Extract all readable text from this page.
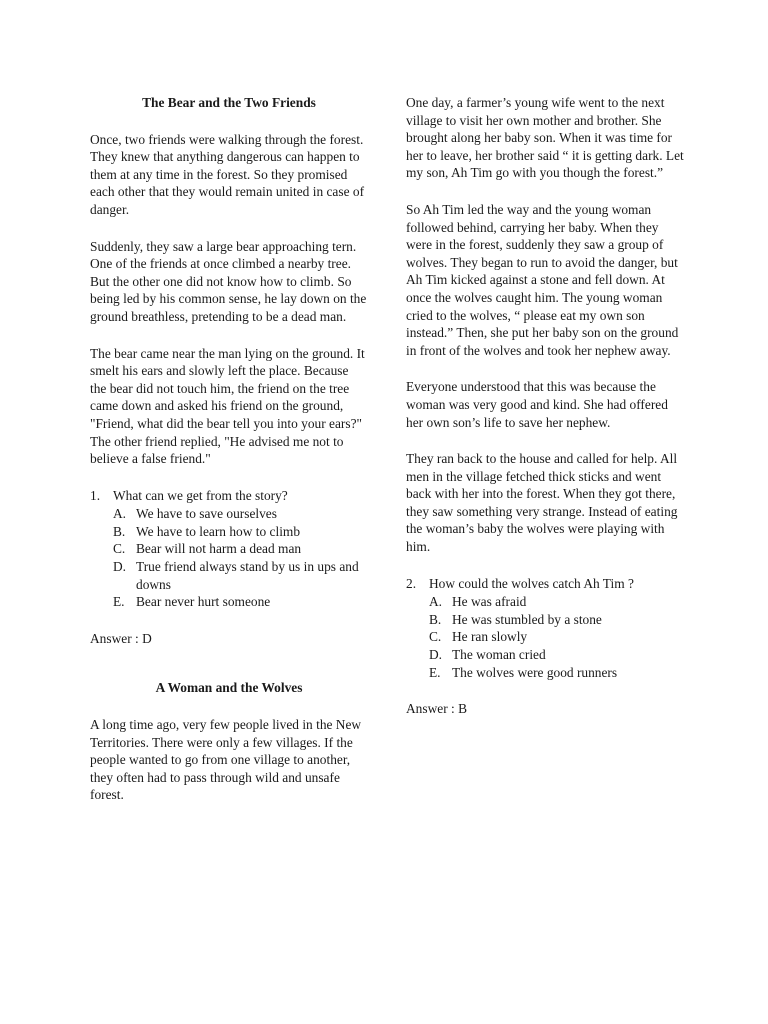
The Bear and the Two Friends

Once, two friends were walking through the forest. They knew that anything dangerous can happen to them at any time in the forest. So they promised each other that they would remain united in case of danger.

Suddenly, they saw a large bear approaching tern. One of the friends at once climbed a nearby tree. But the other one did not know how to climb. So being led by his common sense, he lay down on the ground breathless, pretending to be a dead man.

The bear came near the man lying on the ground. It smelt his ears and slowly left the place. Because the bear did not touch him, the friend on the tree came down and asked his friend on the ground, "Friend, what did the bear tell you into your ears?" The other friend replied, "He advised me not to believe a false friend."

1. What can we get from the story?
A. We have to save ourselves
B. We have to learn how to climb
C. Bear will not harm a dead man
D. True friend always stand by us in ups and downs
E. Bear never hurt someone
Answer : D
A Woman and the Wolves

A long time ago, very few people lived in the New Territories. There were only a few villages. If the people wanted to go from one village to another, they often had to pass through wild and unsafe forest.

One day, a farmer’s young wife went to the next village to visit her own mother and brother. She brought along her baby son. When it was time for her to leave, her brother said “ it is getting dark. Let my son, Ah Tim go with you though the forest.”

So Ah Tim led the way and the young woman followed behind, carrying her baby. When they were in the forest, suddenly they saw a group of wolves. They began to run to avoid the danger, but Ah Tim kicked against a stone and fell down. At once the wolves caught him. The young woman cried to the wolves, “ please eat my own son instead.” Then, she put her baby son on the ground in front of the wolves and took her nephew away.

Everyone understood that this was because the woman was very good and kind. She had offered her own son’s life to save her nephew.

They ran back to the house and called for help. All men in the village fetched thick sticks and went back with her into the forest. When they got there, they saw something very strange. Instead of eating the woman’s baby the wolves were playing with him.

2. How could the wolves catch Ah Tim ?
A. He was afraid
B. He was stumbled by a stone
C. He ran slowly
D. The woman cried
E. The wolves were good runners
Answer : B
